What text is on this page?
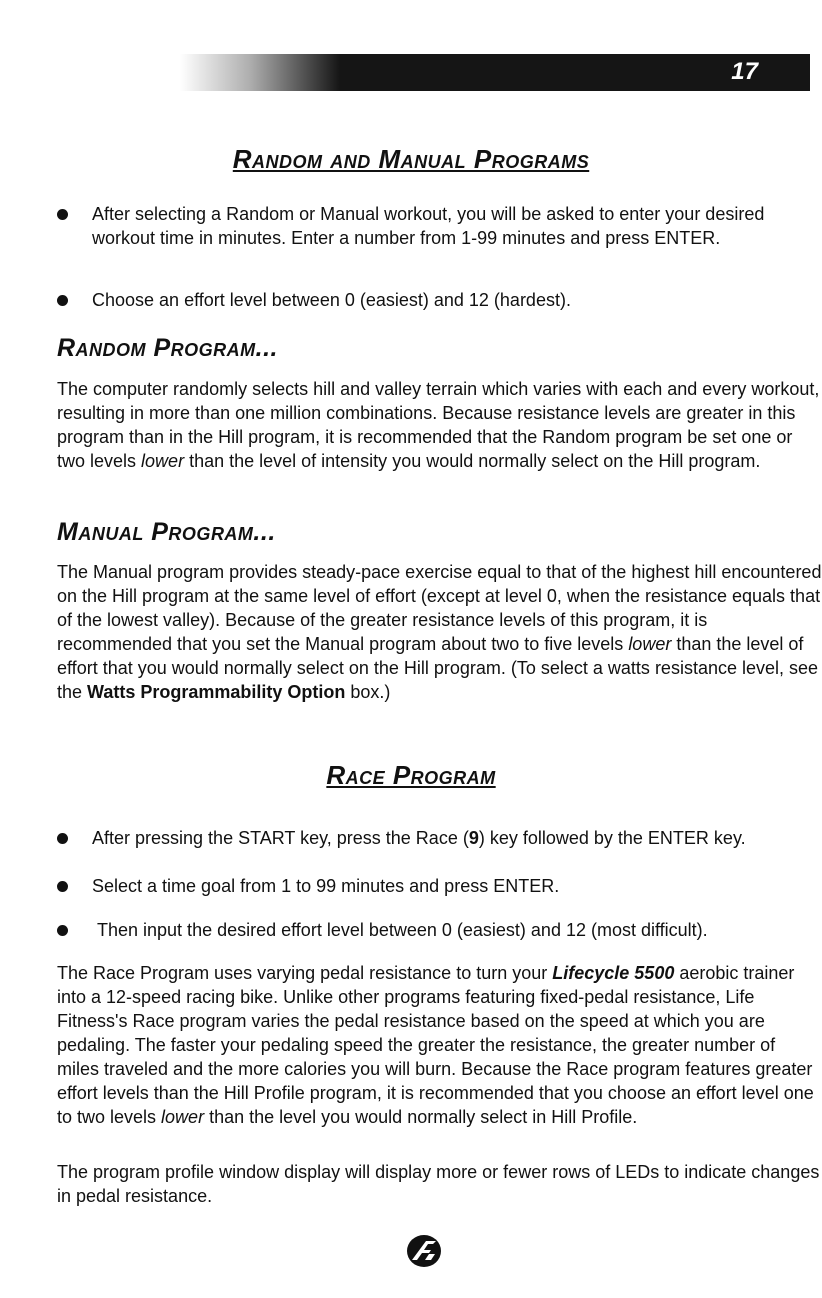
17
Random and Manual Programs
After selecting a Random or Manual workout, you will be asked to enter your desired workout time in minutes. Enter a number from 1-99 minutes and press ENTER.
Choose an effort level between 0 (easiest) and 12 (hardest).
Random Program...
The computer randomly selects hill and valley terrain which varies with each and every workout, resulting in more than one million combinations. Because resistance levels are greater in this program than in the Hill program, it is recommended that the Random program be set one or two levels lower than the level of intensity you would normally select on the Hill program.
Manual Program...
The Manual program provides steady-pace exercise equal to that of the highest hill encountered on the Hill program at the same level of effort (except at level 0, when the resistance equals that of the lowest valley). Because of the greater resistance levels of this program, it is recommended that you set the Manual program about two to five levels lower than the level of effort that you would normally select on the Hill program. (To select a watts resistance level, see the Watts Programmability Option box.)
Race Program
After pressing the START key, press the Race (9) key followed by the ENTER key.
Select a time goal from 1 to 99 minutes and press ENTER.
Then input the desired effort level between 0 (easiest) and 12 (most difficult).
The Race Program uses varying pedal resistance to turn your Lifecycle 5500 aerobic trainer into a 12-speed racing bike. Unlike other programs featuring fixed-pedal resistance, Life Fitness's Race program varies the pedal resistance based on the speed at which you are pedaling. The faster your pedaling speed the greater the resistance, the greater number of miles traveled and the more calories you will burn. Because the Race program features greater effort levels than the Hill Profile program, it is recommended that you choose an effort level one to two levels lower than the level you would normally select in Hill Profile.
The program profile window display will display more or fewer rows of LEDs to indicate changes in pedal resistance.
